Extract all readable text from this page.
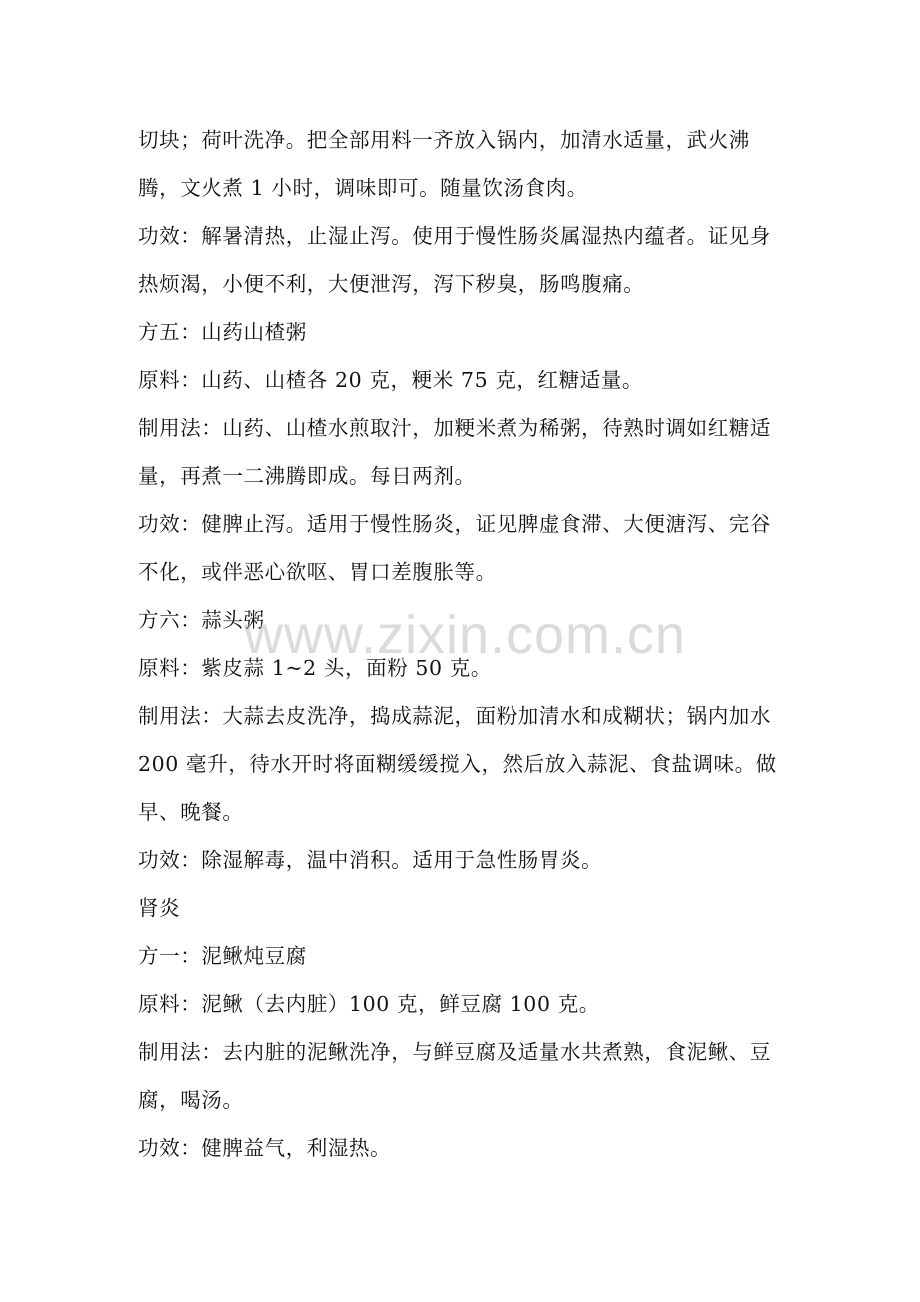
切块；荷叶洗净。把全部用料一齐放入锅内，加清水适量，武火沸腾，文火煮 1 小时，调味即可。随量饮汤食肉。

功效：解暑清热，止湿止泻。使用于慢性肠炎属湿热内蕴者。证见身热烦渴，小便不利，大便泄泻，泻下秽臭，肠鸣腹痛。

方五：山药山楂粥

原料：山药、山楂各 20 克，粳米 75 克，红糖适量。

制用法：山药、山楂水煎取汁，加粳米煮为稀粥，待熟时调如红糖适量，再煮一二沸腾即成。每日两剂。

功效：健脾止泻。适用于慢性肠炎，证见脾虚食滞、大便溏泻、完谷不化，或伴恶心欲呕、胃口差腹胀等。

方六：蒜头粥

原料：紫皮蒜 1~2 头，面粉 50 克。

制用法：大蒜去皮洗净，捣成蒜泥，面粉加清水和成糊状；锅内加水 200 毫升，待水开时将面糊缓缓搅入，然后放入蒜泥、食盐调味。做早、晚餐。

功效：除湿解毒，温中消积。适用于急性肠胃炎。

肾炎

方一：泥鳅炖豆腐

原料：泥鳅（去内脏）100 克，鲜豆腐 100 克。

制用法：去内脏的泥鳅洗净，与鲜豆腐及适量水共煮熟，食泥鳅、豆腐，喝汤。

功效：健脾益气，利湿热。

www.zixin.com.cn
